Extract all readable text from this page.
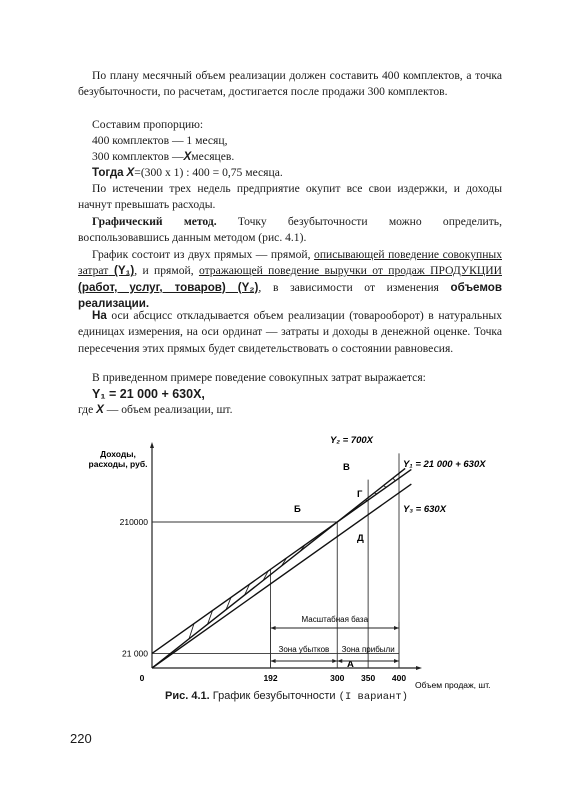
По плану месячный объем реализации должен составить 400 комплектов, а точка безубыточности, по расчетам, достигается после продажи 300 комплектов.
Составим пропорцию:
400 комплектов — 1 месяц,
300 комплектов —Xмесяцев.
Тогда X=(300 x 1) : 400 = 0,75 месяца.
По истечении трех недель предприятие окупит все свои издержки, и доходы начнут превышать расходы.
Графический метод. Точку безубыточности можно определить, воспользовавшись данным методом (рис. 4.1).
График состоит из двух прямых — прямой, описывающей поведение совокупных затрат (Y₁), и прямой, отражающей поведение выручки от продаж ПРОДУКЦИИ (работ, услуг, товаров) (Y₂), в зависимости от изменения объемов реализации.
На оси абсцисс откладывается объем реализации (товарооборот) в натуральных единицах измерения, на оси ординат — затраты и доходы в денежной оценке. Точка пересечения этих прямых будет свидетельствовать о состоянии равновесия.
В приведенном примере поведение совокупных затрат выражается:
Y₁ = 21 000 + 630X,
где X — объем реализации, шт.
Доходы,
расходы, руб.
Объем продаж, шт.
0	192	300 350 400
210000
21 000
Y₂ = 700X
Y₁ = 21 000 + 630X
Y₃ = 630X
Б
В
Г
Д
А
Масштабная база
Зона убытков Зона прибыли
Рис. 4.1. График безубыточности (I вариант)
220
